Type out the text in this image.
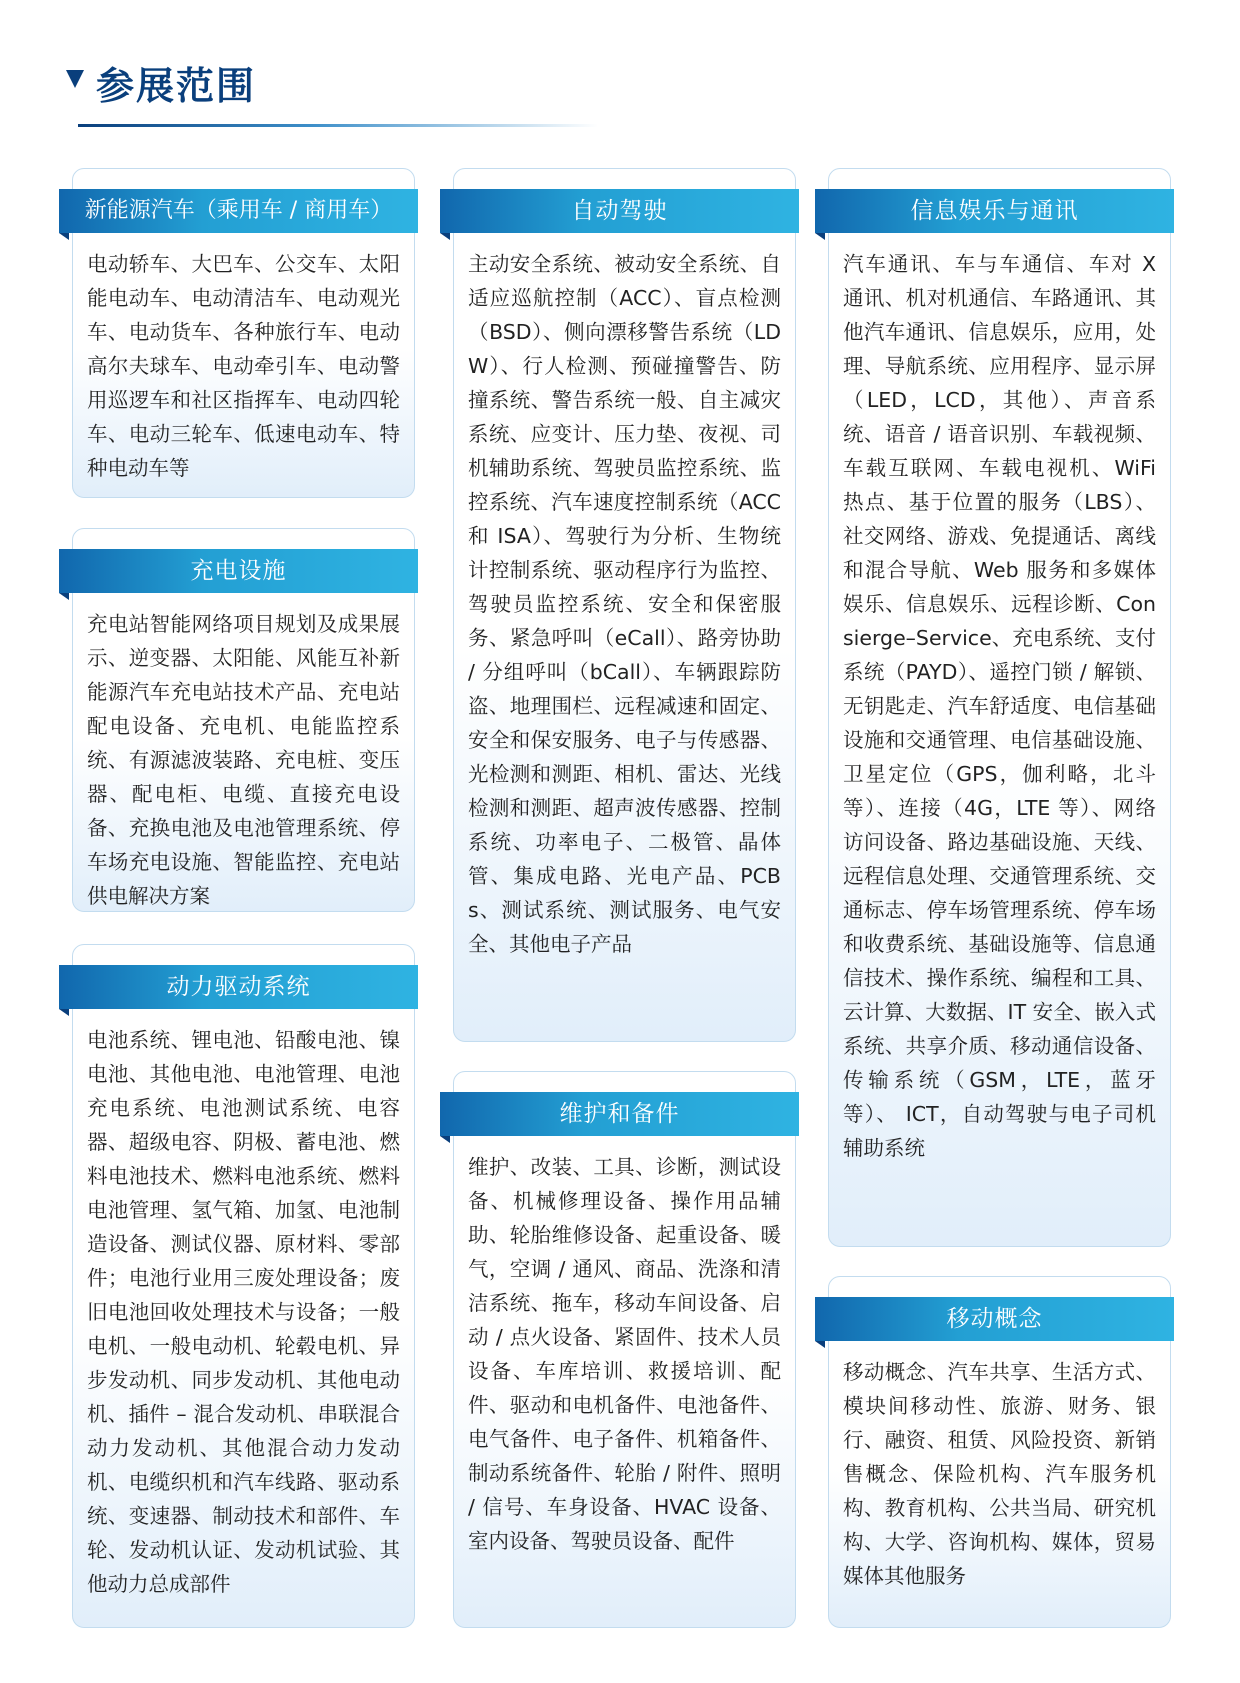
参展范围
新能源汽车（乘用车 / 商用车）

电动轿车、大巴车、公交车、太阳能电动车、电动清洁车、电动观光车、电动货车、各种旅行车、电动高尔夫球车、电动牵引车、电动警用巡逻车和社区指挥车、电动四轮车、电动三轮车、低速电动车、特种电动车等

充电设施

充电站智能网络项目规划及成果展示、逆变器、太阳能、风能互补新能源汽车充电站技术产品、充电站配电设备、充电机、电能监控系统、有源滤波装路、充电桩、变压器、配电柜、电缆、直接充电设备、充换电池及电池管理系统、停车场充电设施、智能监控、充电站供电解决方案

动力驱动系统

电池系统、锂电池、铅酸电池、镍电池、其他电池、电池管理、电池充电系统、电池测试系统、电容器、超级电容、阴极、蓄电池、燃料电池技术、燃料电池系统、燃料电池管理、氢气箱、加氢、电池制造设备、测试仪器、原材料、零部件；电池行业用三废处理设备；废旧电池回收处理技术与设备；一般电机、一般电动机、轮毂电机、异步发动机、同步发动机、其他电动机、插件 – 混合发动机、串联混合动力发动机、其他混合动力发动机、电缆织机和汽车线路、驱动系统、变速器、制动技术和部件、车轮、发动机认证、发动机试验、其他动力总成部件

自动驾驶

主动安全系统、被动安全系统、自适应巡航控制（ACC）、盲点检测（BSD）、侧向漂移警告系统（LDW）、行人检测、预碰撞警告、防撞系统、警告系统一般、自主减灾系统、应变计、压力垫、夜视、司机辅助系统、驾驶员监控系统、监控系统、汽车速度控制系统（ACC 和 ISA）、驾驶行为分析、生物统计控制系统、驱动程序行为监控、驾驶员监控系统、安全和保密服务、紧急呼叫（eCall）、路旁协助 / 分组呼叫（bCall）、车辆跟踪防盗、地理围栏、远程减速和固定、安全和保安服务、电子与传感器、光检测和测距、相机、雷达、光线检测和测距、超声波传感器、控制系统、功率电子、二极管、晶体管、集成电路、光电产品、PCBs、测试系统、测试服务、电气安全、其他电子产品

维护和备件

维护、改装、工具、诊断，测试设备、机械修理设备、操作用品辅助、轮胎维修设备、起重设备、暖气，空调 / 通风、商品、洗涤和清洁系统、拖车，移动车间设备、启动 / 点火设备、紧固件、技术人员设备、车库培训、救援培训、配件、驱动和电机备件、电池备件、电气备件、电子备件、机箱备件、制动系统备件、轮胎 / 附件、照明 / 信号、车身设备、HVAC 设备、室内设备、驾驶员设备、配件

信息娱乐与通讯

汽车通讯、车与车通信、车对 X 通讯、机对机通信、车路通讯、其他汽车通讯、信息娱乐，应用，处理、导航系统、应用程序、显示屏（LED，LCD，其他）、声音系统、语音 / 语音识别、车载视频、车载互联网、车载电视机、WiFi 热点、基于位置的服务（LBS）、社交网络、游戏、免提通话、离线和混合导航、Web 服务和多媒体娱乐、信息娱乐、远程诊断、Consierge–Service、充电系统、支付系统（PAYD）、遥控门锁 / 解锁、无钥匙走、汽车舒适度、电信基础设施和交通管理、电信基础设施、卫星定位（GPS，伽利略，北斗等）、连接（4G，LTE 等）、网络访问设备、路边基础设施、天线、远程信息处理、交通管理系统、交通标志、停车场管理系统、停车场和收费系统、基础设施等、信息通信技术、操作系统、编程和工具、云计算、大数据、IT 安全、嵌入式系统、共享介质、移动通信设备、传输系统（GSM，LTE，蓝牙等）、 ICT，自动驾驶与电子司机辅助系统

移动概念

移动概念、汽车共享、生活方式、模块间移动性、旅游、财务、银行、融资、租赁、风险投资、新销售概念、保险机构、汽车服务机构、教育机构、公共当局、研究机构、大学、咨询机构、媒体，贸易媒体其他服务
